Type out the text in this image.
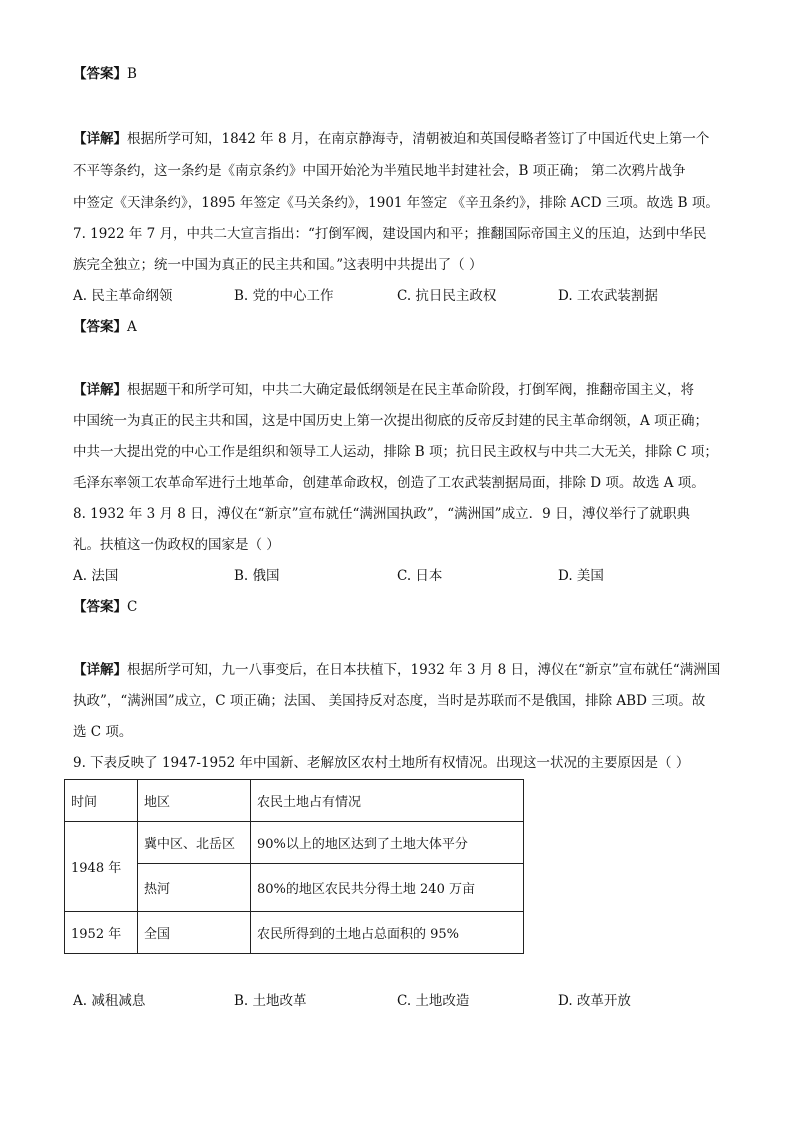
【答案】B
【详解】根据所学可知，1842 年 8 月，在南京静海寺，清朝被迫和英国侵略者签订了中国近代史上第一个
不平等条约，这一条约是《南京条约》中国开始沦为半殖民地半封建社会，B 项正确； 第二次鸦片战争
中签定《天津条约》，1895 年签定《马关条约》，1901 年签定 《辛丑条约》，排除 ACD 三项。故选 B 项。
7. 1922 年 7 月，中共二大宣言指出：“打倒军阀，建设国内和平；推翻国际帝国主义的压迫，达到中华民
族完全独立；统一中国为真正的民主共和国。”这表明中共提出了（ ）
A. 民主革命纲领	B. 党的中心工作	C. 抗日民主政权	D. 工农武装割据
【答案】A
【详解】根据题干和所学可知，中共二大确定最低纲领是在民主革命阶段，打倒军阀，推翻帝国主义，将
中国统一为真正的民主共和国，这是中国历史上第一次提出彻底的反帝反封建的民主革命纲领，A 项正确；
中共一大提出党的中心工作是组织和领导工人运动，排除 B 项；抗日民主政权与中共二大无关，排除 C 项；
毛泽东率领工农革命军进行土地革命，创建革命政权，创造了工农武装割据局面，排除 D 项。故选 A 项。
8. 1932 年 3 月 8 日，溥仪在“新京”宣布就任“满洲国执政”，“满洲国”成立．9 日，溥仪举行了就职典
礼。扶植这一伪政权的国家是（ ）
A. 法国	B. 俄国	C. 日本	D. 美国
【答案】C
【详解】根据所学可知，九一八事变后，在日本扶植下，1932 年 3 月 8 日，溥仪在“新京”宣布就任“满洲国
执政”，“满洲国”成立，C 项正确；法国、 美国持反对态度，当时是苏联而不是俄国，排除 ABD 三项。故
选 C 项。
9. 下表反映了 1947-1952 年中国新、老解放区农村土地所有权情况。出现这一状况的主要原因是（ ）
时间	地区	农民土地占有情况
1948 年	冀中区、北岳区	90%以上的地区达到了土地大体平分
	热河	80%的地区农民共分得土地 240 万亩
1952 年	全国	农民所得到的土地占总面积的 95%
A. 减租减息	B. 土地改革	C. 土地改造	D. 改革开放
